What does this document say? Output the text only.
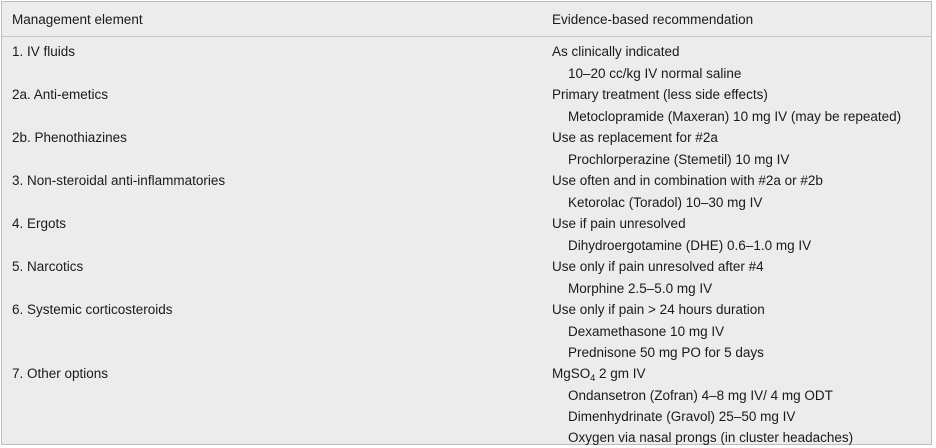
Management element	Evidence-based recommendation
1. IV fluids	As clinically indicated
10–20 cc/kg IV normal saline
2a. Anti-emetics	Primary treatment (less side effects)
Metoclopramide (Maxeran) 10 mg IV (may be repeated)
2b. Phenothiazines	Use as replacement for #2a
Prochlorperazine (Stemetil) 10 mg IV
3. Non-steroidal anti-inflammatories	Use often and in combination with #2a or #2b
Ketorolac (Toradol) 10–30 mg IV
4. Ergots	Use if pain unresolved
Dihydroergotamine (DHE) 0.6–1.0 mg IV
5. Narcotics	Use only if pain unresolved after #4
Morphine 2.5–5.0 mg IV
6. Systemic corticosteroids	Use only if pain > 24 hours duration
Dexamethasone 10 mg IV
Prednisone 50 mg PO for 5 days
7. Other options	MgSO$_4$ 2 gm IV
Ondansetron (Zofran) 4–8 mg IV/ 4 mg ODT
Dimenhydrinate (Gravol) 25–50 mg IV
Oxygen via nasal prongs (in cluster headaches)
